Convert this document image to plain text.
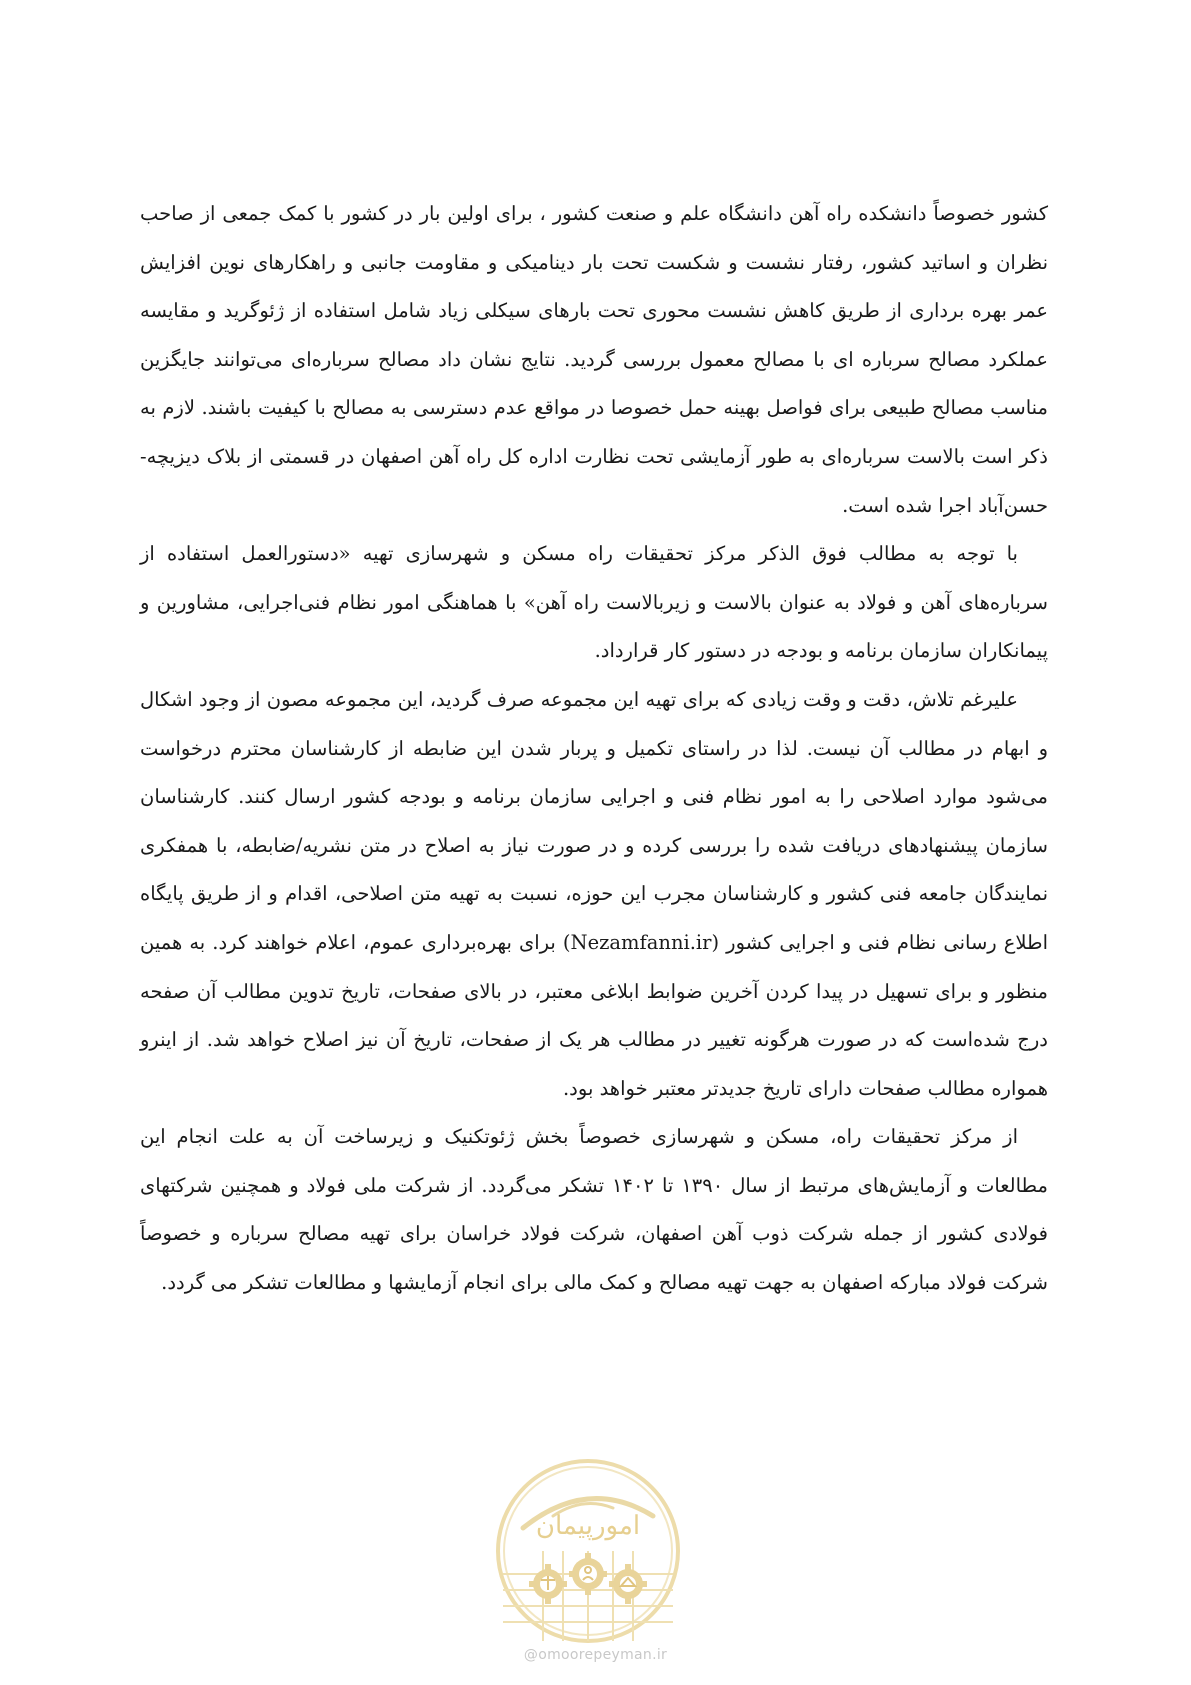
کشور خصوصاً دانشکده راه آهن دانشگاه علم و صنعت کشور ، برای اولین بار در کشور با کمک جمعی از صاحب نظران و اساتید کشور، رفتار نشست و شکست تحت بار دینامیکی و مقاومت جانبی و راهکارهای نوین افزایش عمر بهره برداری از طریق کاهش نشست محوری تحت بارهای سیکلی زیاد شامل استفاده از ژئوگرید و مقایسه عملکرد مصالح سرباره ای با مصالح معمول بررسی گردید. نتایج نشان داد مصالح سربارەای می‌توانند جایگزین مناسب مصالح طبیعی برای فواصل بهینه حمل خصوصا در مواقع عدم دسترسی به مصالح با کیفیت باشند. لازم به ذکر است بالاست سربارەای به طور آزمایشی تحت نظارت اداره کل راه آهن اصفهان در قسمتی از بلاک دیزیچه-حسن‌آباد اجرا شده است.

با توجه به مطالب فوق الذکر مرکز تحقیقات راه مسکن و شهرسازی تهیه «دستورالعمل استفاده از سربارەهای آهن و فولاد به عنوان بالاست و زیربالاست راه آهن» با هماهنگی امور نظام فنی‌اجرایی، مشاورین و پیمانکاران سازمان برنامه و بودجه در دستور کار قرارداد.

علیرغم تلاش، دقت و وقت زیادی که برای تهیه این مجموعه صرف گردید، این مجموعه مصون از وجود اشکال و ابهام در مطالب آن نیست. لذا در راستای تکمیل و پربار شدن این ضابطه از کارشناسان محترم درخواست می‌شود موارد اصلاحی را به امور نظام فنی و اجرایی سازمان برنامه و بودجه کشور ارسال کنند. کارشناسان سازمان پیشنهادهای دریافت شده را بررسی کرده و در صورت نیاز به اصلاح در متن نشریه/ضابطه، با همفکری نمایندگان جامعه فنی کشور و کارشناسان مجرب این حوزه، نسبت به تهیه متن اصلاحی، اقدام و از طریق پایگاه اطلاع رسانی نظام فنی و اجرایی کشور (Nezamfanni.ir) برای بهره‌برداری عموم، اعلام خواهند کرد. به همین منظور و برای تسهیل در پیدا کردن آخرین ضوابط ابلاغی معتبر، در بالای صفحات، تاریخ تدوین مطالب آن صفحه درج شده‌است که در صورت هرگونه تغییر در مطالب هر یک از صفحات، تاریخ آن نیز اصلاح خواهد شد. از اینرو همواره مطالب صفحات دارای تاریخ جدیدتر معتبر خواهد بود.

از مرکز تحقیقات راه، مسکن و شهرسازی خصوصاً بخش ژئوتکنیک و زیرساخت آن به علت انجام این مطالعات و آزمایش‌های مرتبط از سال ۱۳۹۰ تا ۱۴۰۲ تشکر می‌گردد. از شرکت ملی فولاد و همچنین شرکتهای فولادی کشور از جمله شرکت ذوب آهن اصفهان، شرکت فولاد خراسان برای تهیه مصالح سرباره و خصوصاً شرکت فولاد مبارکه اصفهان به جهت تهیه مصالح و کمک مالی برای انجام آزمایشها و مطالعات تشکر می گردد.

امورپیمان
@omoorepeyman.ir
